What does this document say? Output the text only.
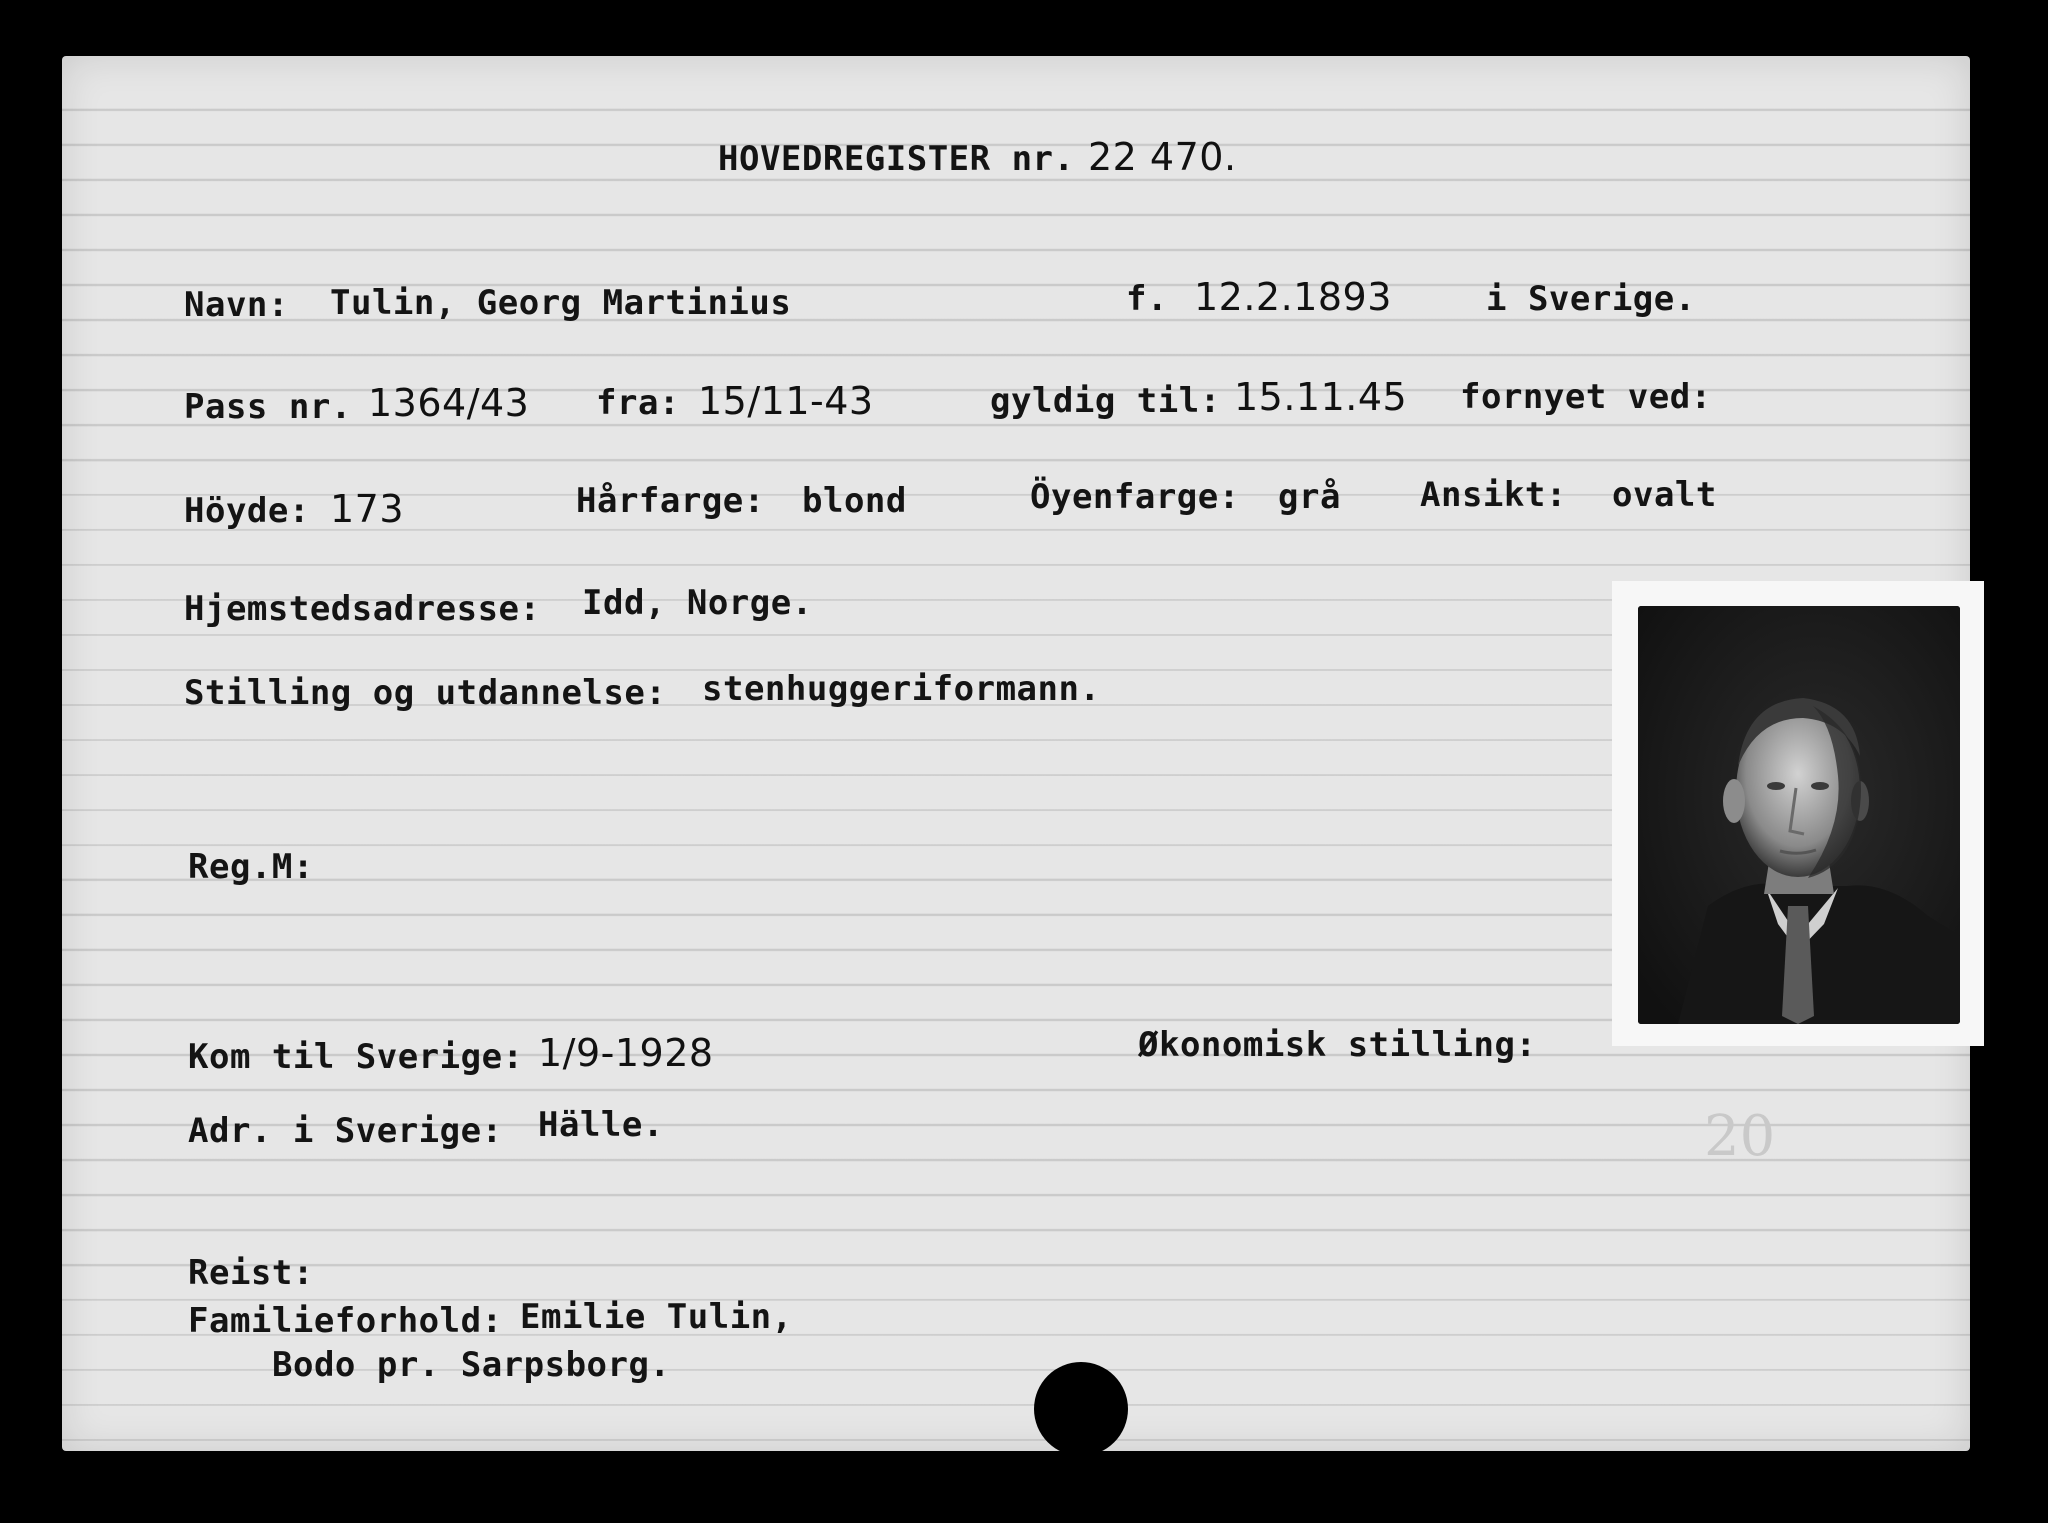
HOVEDREGISTER nr. 22 470.
Navn: Tulin, Georg Martinius	f. 12.2.1893	i Sverige.
Pass nr. 1364/43 fra: 15/11-43	gyldig til: 15.11.45 fornyet ved:
Höyde: 173	Hårfarge: blond	Öyenfarge: grå Ansikt: ovalt
Hjemstedsadresse: Idd, Norge.
Stilling og utdannelse: stenhuggeriformann.
Reg.M:
Kom til Sverige: 1/9-1928	Økonomisk stilling:
Adr. i Sverige: Hälle.	20
Reist:
Familieforhold: Emilie Tulin,
Bodo pr. Sarpsborg.
